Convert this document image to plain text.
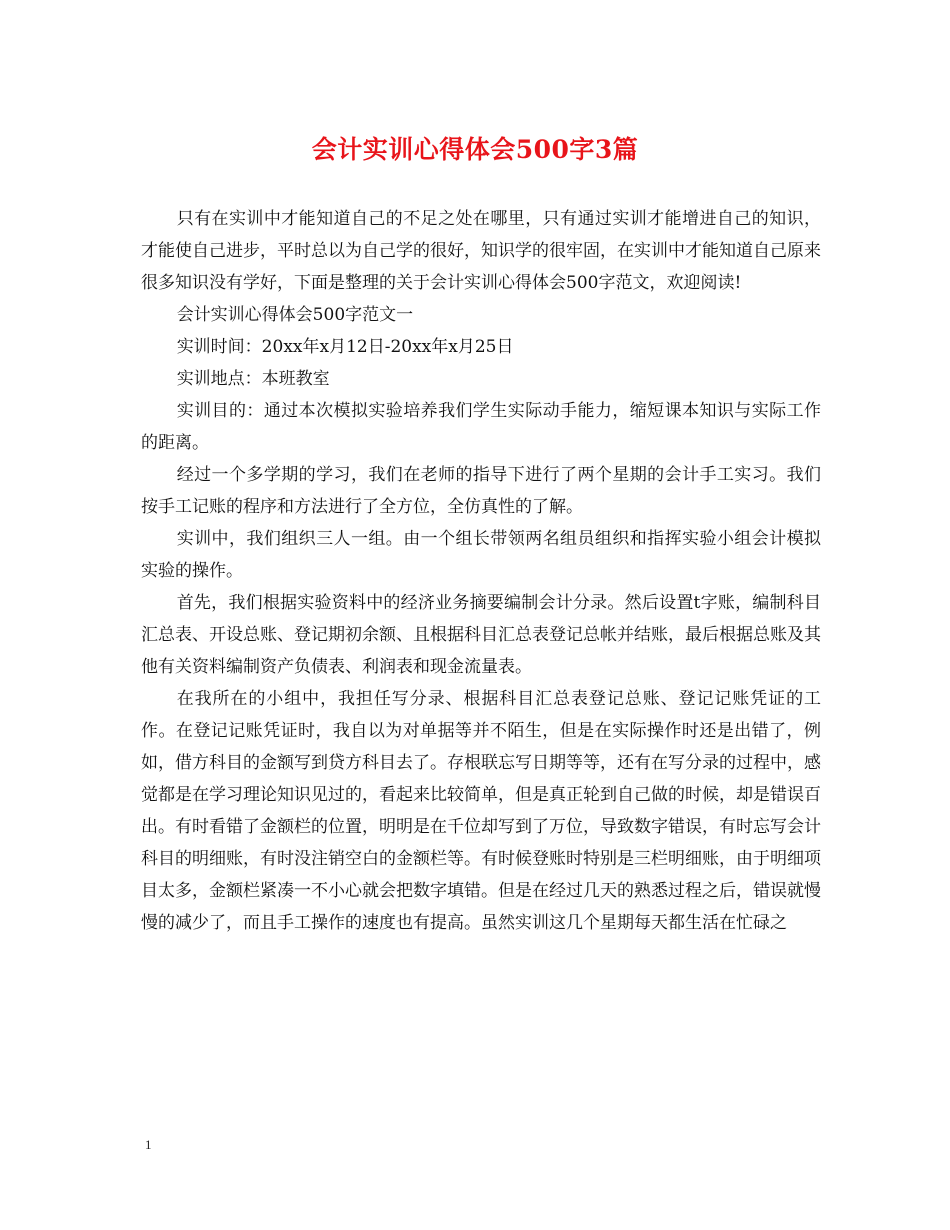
会计实训心得体会500字3篇

只有在实训中才能知道自己的不足之处在哪里，只有通过实训才能增进自己的知识，才能使自己进步，平时总以为自己学的很好，知识学的很牢固，在实训中才能知道自己原来很多知识没有学好，下面是整理的关于会计实训心得体会500字范文，欢迎阅读!

会计实训心得体会500字范文一

实训时间：20xx年x月12日-20xx年x月25日

实训地点：本班教室

实训目的：通过本次模拟实验培养我们学生实际动手能力，缩短课本知识与实际工作的距离。

经过一个多学期的学习，我们在老师的指导下进行了两个星期的会计手工实习。我们按手工记账的程序和方法进行了全方位，全仿真性的了解。

实训中，我们组织三人一组。由一个组长带领两名组员组织和指挥实验小组会计模拟实验的操作。

首先，我们根据实验资料中的经济业务摘要编制会计分录。然后设置t字账，编制科目汇总表、开设总账、登记期初余额、且根据科目汇总表登记总帐并结账，最后根据总账及其他有关资料编制资产负债表、利润表和现金流量表。

在我所在的小组中，我担任写分录、根据科目汇总表登记总账、登记记账凭证的工作。在登记记账凭证时，我自以为对单据等并不陌生，但是在实际操作时还是出错了，例如，借方科目的金额写到贷方科目去了。存根联忘写日期等等，还有在写分录的过程中，感觉都是在学习理论知识见过的，看起来比较简单，但是真正轮到自己做的时候，却是错误百出。有时看错了金额栏的位置，明明是在千位却写到了万位，导致数字错误，有时忘写会计科目的明细账，有时没注销空白的金额栏等。有时候登账时特别是三栏明细账，由于明细项目太多，金额栏紧凑一不小心就会把数字填错。但是在经过几天的熟悉过程之后，错误就慢慢的减少了，而且手工操作的速度也有提高。虽然实训这几个星期每天都生活在忙碌之

1
